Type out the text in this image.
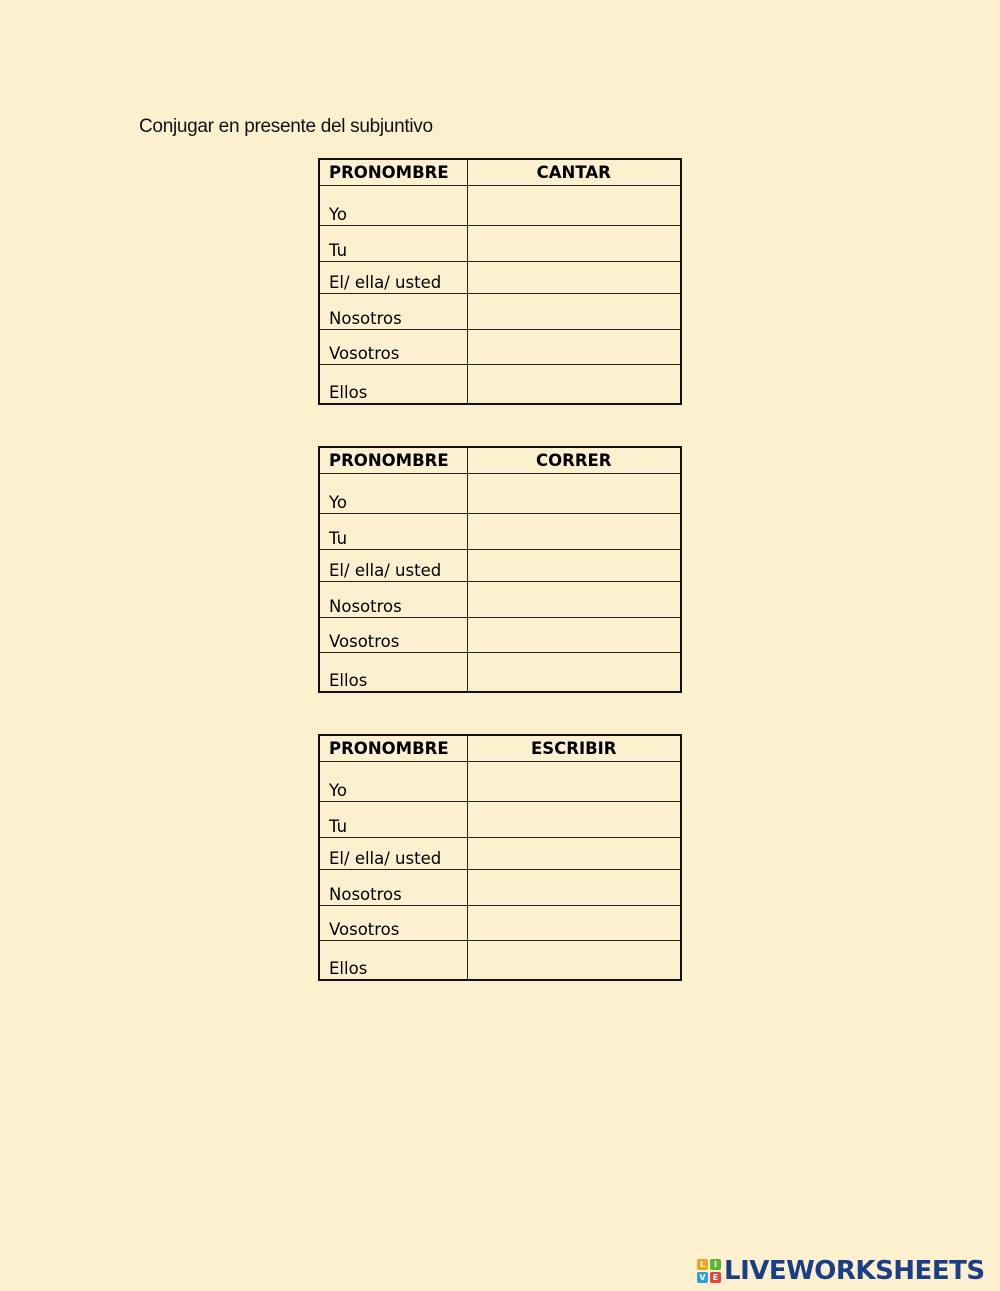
Conjugar en presente del subjuntivo
PRONOMBRE	CANTAR
Yo	
Tu	
El/ ella/ usted	
Nosotros	
Vosotros	
Ellos	
PRONOMBRE	CORRER
Yo	
Tu	
El/ ella/ usted	
Nosotros	
Vosotros	
Ellos	
PRONOMBRE	ESCRIBIR
Yo	
Tu	
El/ ella/ usted	
Nosotros	
Vosotros	
Ellos	
L	I
V E LIVEWORKSHEETS
